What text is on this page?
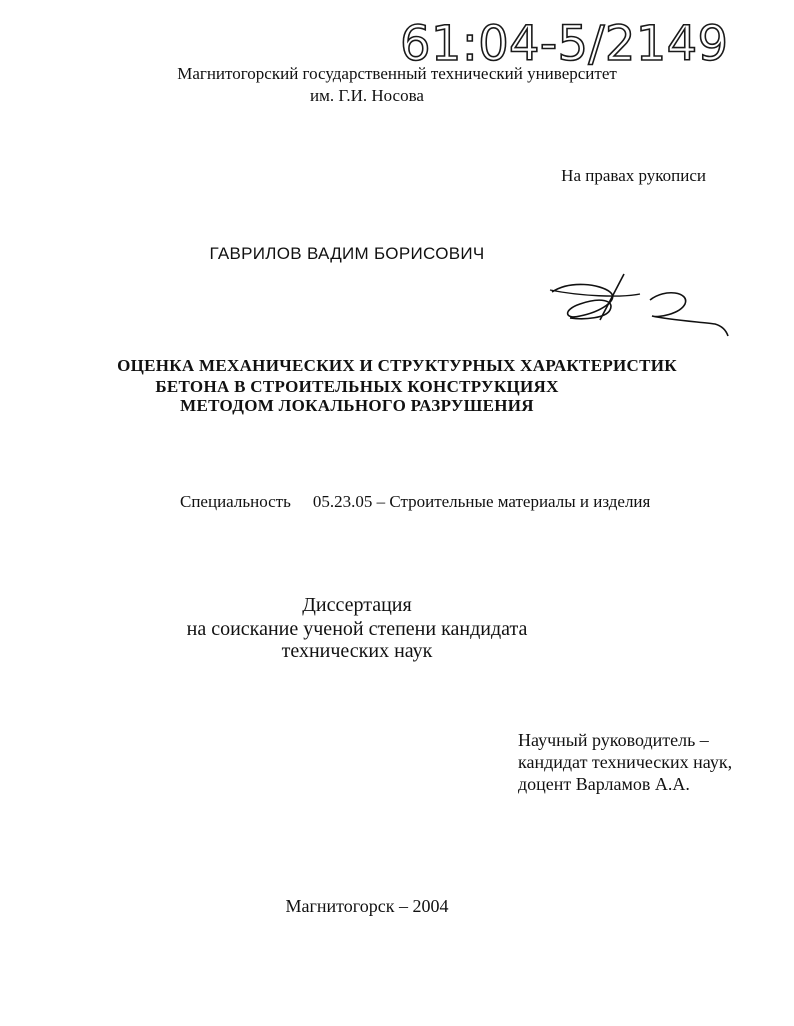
61:04-5/2149
Магнитогорский государственный технический университет
им. Г.И. Носова
На правах рукописи
ГАВРИЛОВ ВАДИМ БОРИСОВИЧ
ОЦЕНКА МЕХАНИЧЕСКИХ И СТРУКТУРНЫХ ХАРАКТЕРИСТИК
БЕТОНА В СТРОИТЕЛЬНЫХ КОНСТРУКЦИЯХ
МЕТОДОМ ЛОКАЛЬНОГО РАЗРУШЕНИЯ
Специальность 05.23.05 – Строительные материалы и изделия
Диссертация
на соискание ученой степени кандидата
технических наук
Научный руководитель –
кандидат технических наук,
доцент Варламов А.А.
Магнитогорск – 2004
